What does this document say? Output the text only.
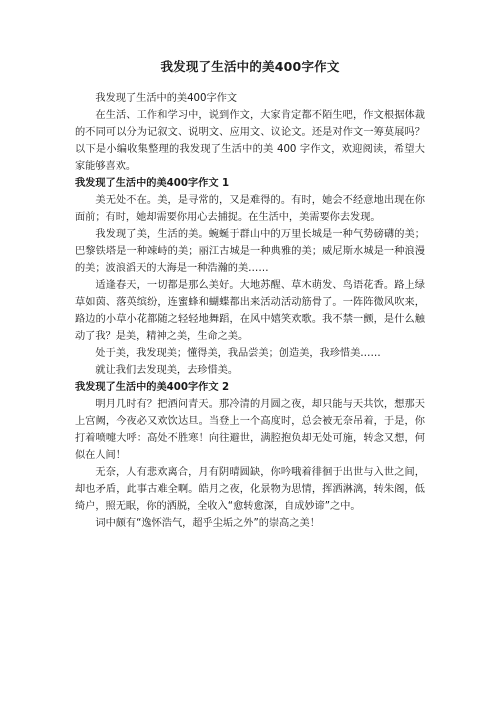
我发现了生活中的美400字作文

我发现了生活中的美400字作文

在生活、工作和学习中，说到作文，大家肯定都不陌生吧，作文根据体裁的不同可以分为记叙文、说明文、应用文、议论文。还是对作文一筹莫展吗？以下是小编收集整理的我发现了生活中的美 400 字作文，欢迎阅读，希望大家能够喜欢。

我发现了生活中的美400字作文 1

美无处不在。美，是寻常的，又是难得的。有时，她会不经意地出现在你面前；有时，她却需要你用心去捕捉。在生活中，美需要你去发现。

我发现了美，生活的美。蜿蜒于群山中的万里长城是一种气势磅礴的美；巴黎铁塔是一种竦峙的美；丽江古城是一种典雅的美；威尼斯水城是一种浪漫的美；波浪滔天的大海是一种浩瀚的美……

适逢春天，一切都是那么美好。大地苏醒、草木萌发、鸟语花香。路上绿草如茵、落英缤纷，连蜜蜂和蝴蝶都出来活动活动筋骨了。一阵阵微风吹来，路边的小草小花都随之轻轻地舞蹈，在风中嬉笑欢歌。我不禁一颤，是什么触动了我？是美，精神之美，生命之美。

处于美，我发现美；懂得美，我品尝美；创造美，我珍惜美……

就让我们去发现美，去珍惜美。

我发现了生活中的美400字作文 2

明月几时有？把酒问青天。那冷清的月圆之夜，却只能与天共饮，想那天上宫阙，今夜必又欢饮达旦。当登上一个高度时，总会被无奈吊着，于是，你打着喷嚏大呼：高处不胜寒！向往避世，满腔抱负却无处可施，转念又想，何似在人间！

无奈，人有悲欢离合，月有阴晴圆缺，你吟哦着徘徊于出世与入世之间，却也矛盾，此事古难全啊。皓月之夜，化景物为思情，挥洒淋漓，转朱阁，低绮户，照无眠，你的洒脱，全收入“愈转愈深，自成妙谛”之中。

词中颇有“逸怀浩气，超乎尘垢之外”的崇高之美！
